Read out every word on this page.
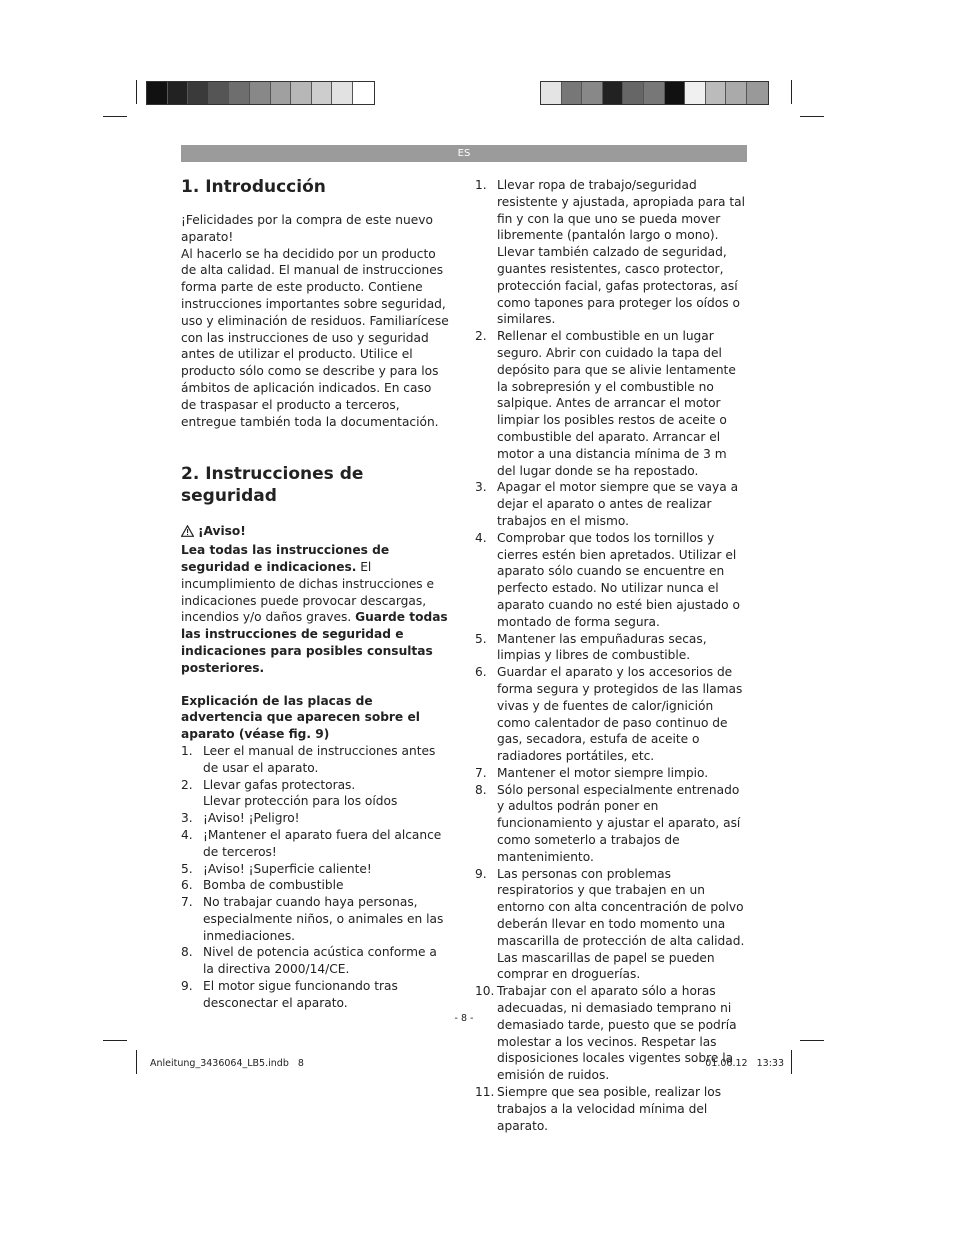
ES
1. Introducción

¡Felicidades por la compra de este nuevo aparato!

Al hacerlo se ha decidido por un producto de alta calidad. El manual de instrucciones forma parte de este producto. Contiene instrucciones importantes sobre seguridad, uso y eliminación de residuos. Familiarícese con las instrucciones de uso y seguridad antes de utilizar el producto. Utilice el producto sólo como se describe y para los ámbitos de aplicación indicados. En caso de traspasar el producto a terceros, entregue también toda la documentación.

2. Instrucciones de seguridad

¡Aviso!

Lea todas las instrucciones de seguridad e indicaciones. El incumplimiento de dichas instrucciones e indicaciones puede provocar descargas, incendios y/o daños graves. Guarde todas las instrucciones de seguridad e indicaciones para posibles consultas posteriores.

Explicación de las placas de advertencia que aparecen sobre el aparato (véase fig. 9)

1. Leer el manual de instrucciones antes de usar el aparato.
2. Llevar gafas protectoras.
Llevar protección para los oídos
3. ¡Aviso! ¡Peligro!
4. ¡Mantener el aparato fuera del alcance de terceros!
5. ¡Aviso! ¡Superficie caliente!
6. Bomba de combustible
7. No trabajar cuando haya personas, especialmente niños, o animales en las inmediaciones.
8. Nivel de potencia acústica conforme a la directiva 2000/14/CE.
9. El motor sigue funcionando tras desconectar el aparato.
1. Llevar ropa de trabajo/seguridad resistente y ajustada, apropiada para tal fin y con la que uno se pueda mover libremente (pantalón largo o mono). Llevar también calzado de seguridad, guantes resistentes, casco protector, protección facial, gafas protectoras, así como tapones para proteger los oídos o similares.
2. Rellenar el combustible en un lugar seguro. Abrir con cuidado la tapa del depósito para que se alivie lentamente la sobrepresión y el combustible no salpique. Antes de arrancar el motor limpiar los posibles restos de aceite o combustible del aparato. Arrancar el motor a una distancia mínima de 3 m del lugar donde se ha repostado.
3. Apagar el motor siempre que se vaya a dejar el aparato o antes de realizar trabajos en el mismo.
4. Comprobar que todos los tornillos y cierres estén bien apretados. Utilizar el aparato sólo cuando se encuentre en perfecto estado. No utilizar nunca el aparato cuando no esté bien ajustado o montado de forma segura.
5. Mantener las empuñaduras secas, limpias y libres de combustible.
6. Guardar el aparato y los accesorios de forma segura y protegidos de las llamas vivas y de fuentes de calor/ignición como calentador de paso continuo de gas, secadora, estufa de aceite o radiadores portátiles, etc.
7. Mantener el motor siempre limpio.
8. Sólo personal especialmente entrenado y adultos podrán poner en funcionamiento y ajustar el aparato, así como someterlo a trabajos de mantenimiento.
9. Las personas con problemas respiratorios y que trabajen en un entorno con alta concentración de polvo deberán llevar en todo momento una mascarilla de protección de alta calidad. Las mascarillas de papel se pueden comprar en droguerías.
10. Trabajar con el aparato sólo a horas adecuadas, ni demasiado temprano ni demasiado tarde, puesto que se podría molestar a los vecinos. Respetar las disposiciones locales vigentes sobre la emisión de ruidos.
11. Siempre que sea posible, realizar los trabajos a la velocidad mínima del aparato.
- 8 -
Anleitung_3436064_LB5.indb   8	01.06.12   13:33
